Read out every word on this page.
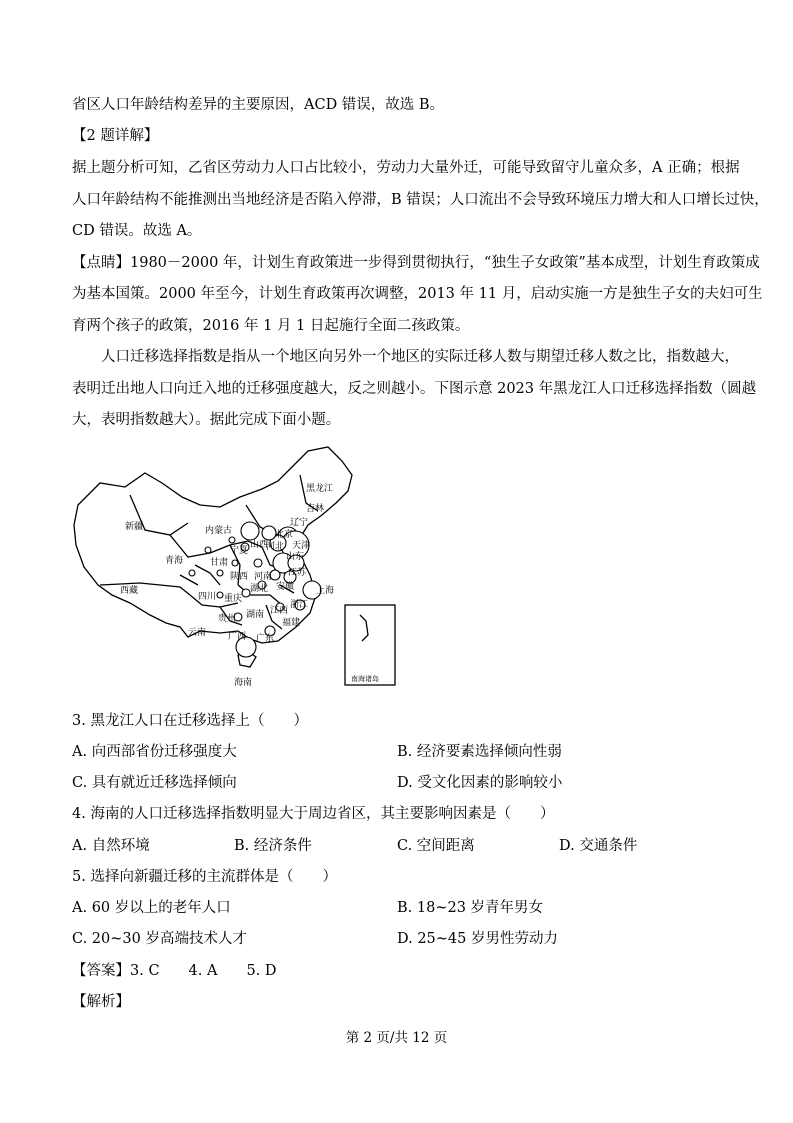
省区人口年龄结构差异的主要原因，ACD 错误，故选 B。
【2 题详解】
据上题分析可知，乙省区劳动力人口占比较小，劳动力大量外迁，可能导致留守儿童众多，A 正确；根据
人口年龄结构不能推测出当地经济是否陷入停滞，B 错误；人口流出不会导致环境压力增大和人口增长过快，
CD 错误。故选 A。
【点睛】1980－2000 年，计划生育政策进一步得到贯彻执行，“独生子女政策”基本成型，计划生育政策成
为基本国策。2000 年至今，计划生育政策再次调整，2013 年 11 月，启动实施一方是独生子女的夫妇可生
育两个孩子的政策，2016 年 1 月 1 日起施行全面二孩政策。
人口迁移选择指数是指从一个地区向另外一个地区的实际迁移人数与期望迁移人数之比，指数越大，
表明迁出地人口向迁入地的迁移强度越大，反之则越小。下图示意 2023 年黑龙江人口迁移选择指数（圆越
大，表明指数越大）。据此完成下面小题。
黑龙江
吉林
辽宁
内蒙古	北京
天津
河北
山西
山东
新疆
宁夏
甘肃
青海
陕西 河南 江苏
上海
安徽
湖北
四川 重庆
浙江
西藏
贵州 湖南 江西
福建
云南 广西 广东
海南	南海诸岛
3. 黑龙江人口在迁移选择上（　　）
A. 向西部省份迁移强度大	B. 经济要素选择倾向性弱
C. 具有就近迁移选择倾向	D. 受文化因素的影响较小
4. 海南的人口迁移选择指数明显大于周边省区，其主要影响因素是（　　）
A. 自然环境	B. 经济条件	C. 空间距离	D. 交通条件
5. 选择向新疆迁移的主流群体是（　　）
A. 60 岁以上的老年人口	B. 18~23 岁青年男女
C. 20~30 岁高端技术人才	D. 25~45 岁男性劳动力
【答案】3. C　　4. A　　5. D
【解析】
第 2 页/共 12 页
